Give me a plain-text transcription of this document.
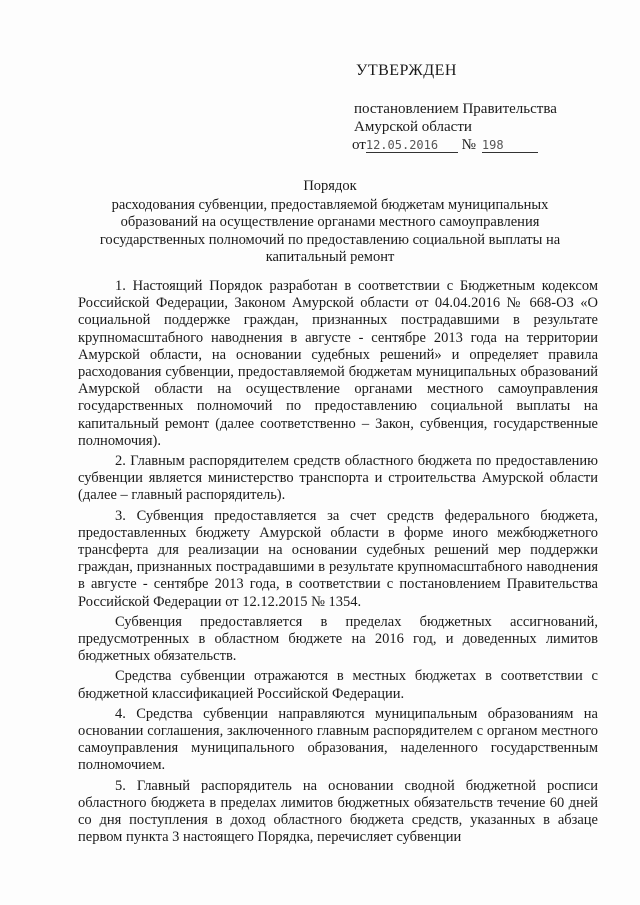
УТВЕРЖДЕН
постановлением Правительства
Амурской области
от12.05.2016 № 198
Порядок
расходования субвенции, предоставляемой бюджетам муниципальных образований на осуществление органами местного самоуправления государственных полномочий по предоставлению социальной выплаты на капитальный ремонт

1. Настоящий Порядок разработан в соответствии с Бюджетным кодексом Российской Федерации, Законом Амурской области от 04.04.2016 № 668-ОЗ «О социальной поддержке граждан, признанных пострадавшими в результате крупномасштабного наводнения в августе - сентябре 2013 года на территории Амурской области, на основании судебных решений» и определяет правила расходования субвенции, предоставляемой бюджетам муниципальных образований Амурской области на осуществление органами местного самоуправления государственных полномочий по предоставлению социальной выплаты на капитальный ремонт (далее соответственно – Закон, субвенция, государственные полномочия).

2. Главным распорядителем средств областного бюджета по предоставлению субвенции является министерство транспорта и строительства Амурской области (далее – главный распорядитель).

3. Субвенция предоставляется за счет средств федерального бюджета, предоставленных бюджету Амурской области в форме иного межбюджетного трансферта для реализации на основании судебных решений мер поддержки граждан, признанных пострадавшими в результате крупномасштабного наводнения в августе - сентябре 2013 года, в соответствии с постановлением Правительства Российской Федерации от 12.12.2015 № 1354.

Субвенция предоставляется в пределах бюджетных ассигнований, предусмотренных в областном бюджете на 2016 год, и доведенных лимитов бюджетных обязательств.

Средства субвенции отражаются в местных бюджетах в соответствии с бюджетной классификацией Российской Федерации.

4. Средства субвенции направляются муниципальным образованиям на основании соглашения, заключенного главным распорядителем с органом местного самоуправления муниципального образования, наделенного государственным полномочием.

5. Главный распорядитель на основании сводной бюджетной росписи областного бюджета в пределах лимитов бюджетных обязательств течение 60 дней со дня поступления в доход областного бюджета средств, указанных в абзаце первом пункта 3 настоящего Порядка, перечисляет субвенции
